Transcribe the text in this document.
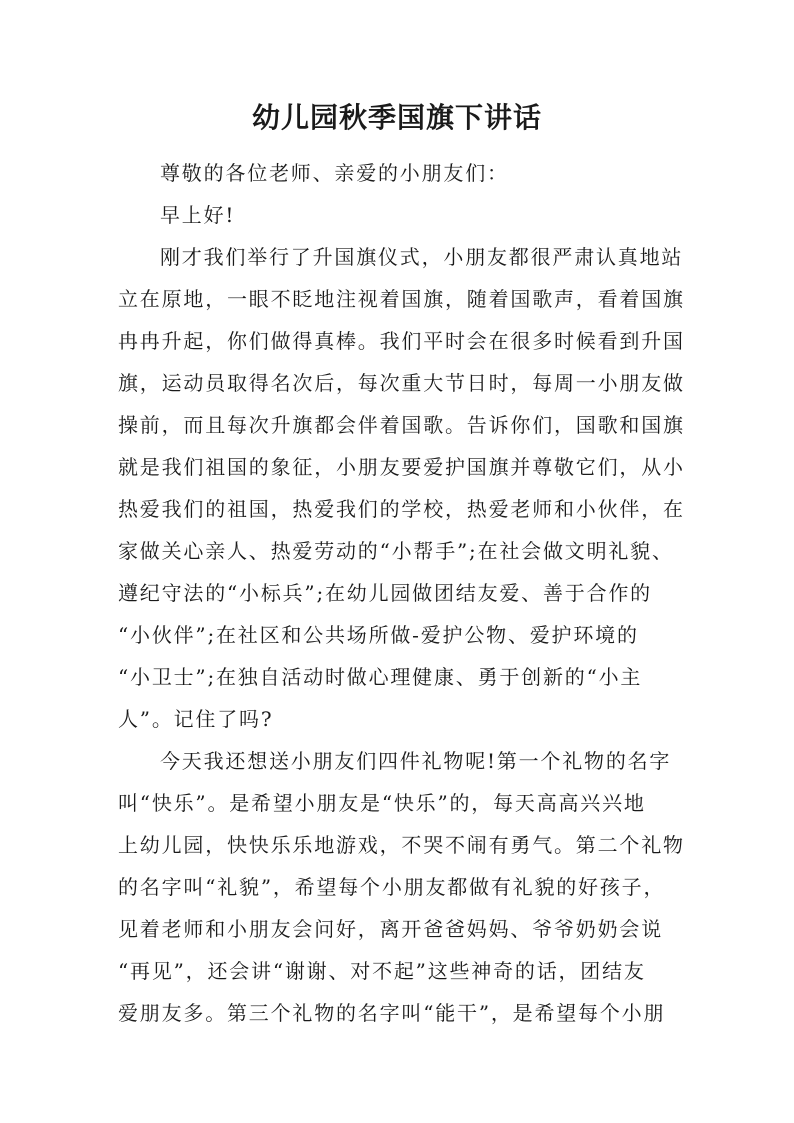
幼儿园秋季国旗下讲话
尊敬的各位老师、亲爱的小朋友们：
早上好!
刚才我们举行了升国旗仪式，小朋友都很严肃认真地站
立在原地，一眼不眨地注视着国旗，随着国歌声，看着国旗
冉冉升起，你们做得真棒。我们平时会在很多时候看到升国
旗，运动员取得名次后，每次重大节日时，每周一小朋友做
操前，而且每次升旗都会伴着国歌。告诉你们，国歌和国旗
就是我们祖国的象征，小朋友要爱护国旗并尊敬它们，从小
热爱我们的祖国，热爱我们的学校，热爱老师和小伙伴，在
家做关心亲人、热爱劳动的“小帮手”;在社会做文明礼貌、
遵纪守法的“小标兵”;在幼儿园做团结友爱、善于合作的
“小伙伴”;在社区和公共场所做-爱护公物、爱护环境的
“小卫士”;在独自活动时做心理健康、勇于创新的“小主
人”。记住了吗?
今天我还想送小朋友们四件礼物呢!第一个礼物的名字
叫“快乐”。是希望小朋友是“快乐”的，每天高高兴兴地
上幼儿园，快快乐乐地游戏，不哭不闹有勇气。第二个礼物
的名字叫“礼貌”，希望每个小朋友都做有礼貌的好孩子，
见着老师和小朋友会问好，离开爸爸妈妈、爷爷奶奶会说
“再见”，还会讲“谢谢、对不起”这些神奇的话，团结友
爱朋友多。第三个礼物的名字叫“能干”，是希望每个小朋
